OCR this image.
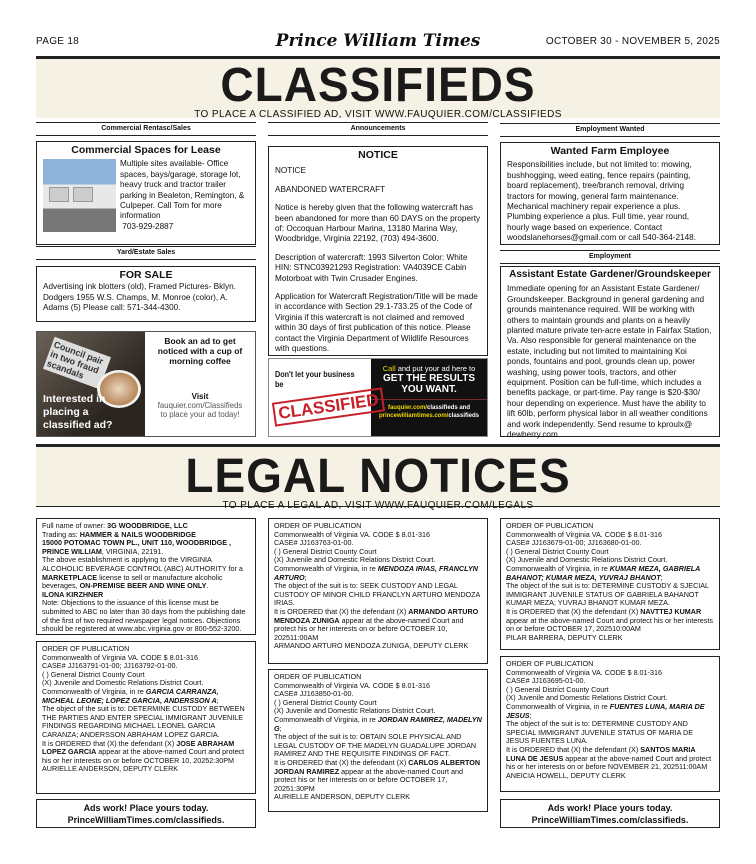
PAGE 18	Prince William Times	OCTOBER 30 - NOVEMBER 5, 2025
CLASSIFIEDS
TO PLACE A CLASSIFIED AD, VISIT WWW.FAUQUIER.COM/CLASSIFIEDS
Commercial Rentasc/Sales
Commercial Spaces for Lease
Multiple sites available- Office spaces, bays/garage, storage lot, heavy truck and tractor trailer parking in Bealeton, Remington, & Culpeper. Call Tom for more information
703-929-2887
Yard/Estate Sales
FOR SALE
Advertising ink blotters (old), Framed Pictures- Bklyn. Dodgers 1955 W.S. Champs, M. Monroe (color), A. Adams (5) Please call: 571-344-4300.
Council pair in two fraud scandals
Interested in placing a classified ad?
Book an ad to get noticed with a cup of morning coffee
Visit
fauquier.com/Classifieds
to place your ad today!
Announcements
NOTICE

NOTICE

ABANDONED WATERCRAFT

Notice is hereby given that the following watercraft has been abandoned for more than 60 DAYS on the property of: Occoquan Harbour Marina, 13180 Marina Way, Woodbridge, Virginia 22192, (703) 494-3600.

Description of watercraft: 1993 Silverton Color: White HIN: STNC03921293 Registration: VA4039CE Cabin Motorboat with Twin Crusader Engines.

Application for Watercraft Registration/Title will be made in accordance with Section 29.1-733.25 of the Code of Virginia if this watercraft is not claimed and removed within 30 days of first publication of this notice. Please contact the Virginia Department of Wildlife Resources with questions.

Don't let your business be
CLASSIFIED
Call and put your ad here to
GET THE RESULTS YOU WANT.
fauquier.com/classifieds and
princewilliamtimes.com/classifieds
Employment Wanted
Wanted Farm Employee
Responsibilities include, but not limited to: mowing, bushhogging, weed eating, fence repairs (painting, board replacement), tree/branch removal, driving tractors for mowing, general farm maintenance. Mechanical machinery repair experience a plus. Plumbing experience a plus. Full time, year round, hourly wage based on experience. Contact woodslanehorses@gmail.com or call 540-364-2148.
Employment
Assistant Estate Gardener/Groundskeeper
Immediate opening for an Assistant Estate Gardener/ Groundskeeper. Background in general gardening and grounds maintenance required. Will be working with others to maintain grounds and plants on a heavily planted mature private ten-acre estate in Fairfax Station, Va. Also responsible for general maintenance on the estate, including but not limited to maintaining Koi ponds, fountains and pool, grounds clean up, power washing, using power tools, tractors, and other equipment. Position can be full-time, which includes a benefits package, or part-time. Pay range is $20-$30/ hour depending on experience. Must have the ability to lift 60lb, perform physical labor in all weather conditions and work independently. Send resume to kproulx@ dewberry.com.
LEGAL NOTICES
Full name of owner: 3G WOODBRIDGE, LLC
Trading as: HAMMER & NAILS WOODBRIDGE
15000 POTOMAC TOWN PL., UNIT 110, WOODBRIDGE , PRINCE WILLIAM, VIRGINIA, 22191.
The above establishment is applying to the VIRGINIA ALCOHOLIC BEVERAGE CONTROL (ABC) AUTHORITY for a MARKETPLACE license to sell or manufacture alcoholic beverages, ON-PREMISE BEER AND WINE ONLY.
ILONA KIRZHNER
Note: Objections to the issuance of this license must be submitted to ABC no later than 30 days from the publishing date of the first of two required newspaper legal notices. Objections should be registered at www.abc.virginia.gov or 800-552-3200.
ORDER OF PUBLICATION
Commonwealth of Virginia VA. CODE $ 8.01-316
CASE# JJ163791-01-00; JJ163792-01-00.
( ) General District County Court
(X) Juvenile and Domestic Relations District Court.
Commonwealth of Virginia, in re GARCIA CARRANZA, MICHEAL LEONE; LOPEZ GARCIA, ANDERSSON A;
The object of the suit is to: DETERMINE CUSTODY BETWEEN THE PARTIES AND ENTER SPECIAL IMMIGRANT JUVENILE FINDINGS REGARDING MICHAEL LEONEL GARCIA CARANZA; ANDERSSON ABRAHAM LOPEZ GARCIA.
It is ORDERED that (X) the defendant (X) JOSE ABRAHAM LOPEZ GARCIA appear at the above-named Court and protect his or her interests on or before OCTOBER 10, 20252:30PM
AURIELLE ANDERSON, DEPUTY CLERK
ORDER OF PUBLICATION
Commonwealth of Virginia VA. CODE $ 8.01-316
CASE# JJ163763-01-00.
( ) General District County Court
(X) Juvenile and Domestic Relations District Court.
Commonwealth of Virginia, in re MENDOZA IRIAS, FRANCLYN ARTURO;
The object of the suit is to: SEEK CUSTODY AND LEGAL CUSTODY OF MINOR CHILD FRANCLYN ARTURO MENDOZA IRIAS.
It is ORDERED that (X) the defendant (X) ARMANDO ARTURO MENDOZA ZUNIGA appear at the above-named Court and protect his or her interests on or before OCTOBER 10, 202511:00AM
ARMANDO ARTURO MENDOZA ZUNIGA, DEPUTY CLERK
ORDER OF PUBLICATION
Commonwealth of Virginia VA. CODE $ 8.01-316
CASE# JJ163850-01-00.
( ) General District County Court
(X) Juvenile and Domestic Relations District Court.
Commonwealth of Virginia, in re JORDAN RAMIREZ, MADELYN G;
The object of the suit is to: OBTAIN SOLE PHYSICAL AND LEGAL CUSTODY OF THE MADELYN GUADALUPE JORDAN RAMIREZ AND THE REQUISITE FINDINGS OF FACT.
It is ORDERED that (X) the defendant (X) CARLOS ALBERTON JORDAN RAMIREZ appear at the above-named Court and protect his or her interests on or before OCTOBER 17, 20251:30PM
AURIELLE ANDERSON, DEPUTY CLERK
ORDER OF PUBLICATION
Commonwealth of Virginia VA. CODE $ 8.01-316
CASE# JJ163679-01-00; JJ163680-01-00.
( ) General District County Court
(X) Juvenile and Domestic Relations District Court.
Commonwealth of Virginia, in re KUMAR MEZA, GABRIELA BAHANOT; KUMAR MEZA, YUVRAJ BHANOT;
The object of the suit is to: DETERMINE CUSTODY & SJECIAL IMMIGRANT JUVENILE STATUS OF GABRIELA BAHANOT KUMAR MEZA; YUVRAJ BHANOT KUMAR MEZA.
It is ORDERED that (X) the defendant (X) NAVTTEJ KUMAR appear at the above-named Court and protect his or her interests on or before OCTOBER 17, 202510:00AM
PILAR BARRERA, DEPUTY CLERK
ORDER OF PUBLICATION
Commonwealth of Virginia VA. CODE $ 8.01-316
CASE# JJ163695-01-00.
( ) General District County Court
(X) Juvenile and Domestic Relations District Court.
Commonwealth of Virginia, in re FUENTES LUNA, MARIA DE JESUS;
The object of the suit is to: DETERMINE CUSTODY AND SPECIAL IMMIGRANT JUVENILE STATUS OF MARIA DE JESUS FUENTES LUNA.
It is ORDERED that (X) the defendant (X) SANTOS MARIA LUNA DE JESUS appear at the above-named Court and protect his or her interests on or before NOVEMBER 21, 202511:00AM
ANEICIA HOWELL, DEPUTY CLERK
Ads work! Place yours today.
PrinceWilliamTimes.com/classifieds.
Ads work! Place yours today.
PrinceWilliamTimes.com/classifieds.
